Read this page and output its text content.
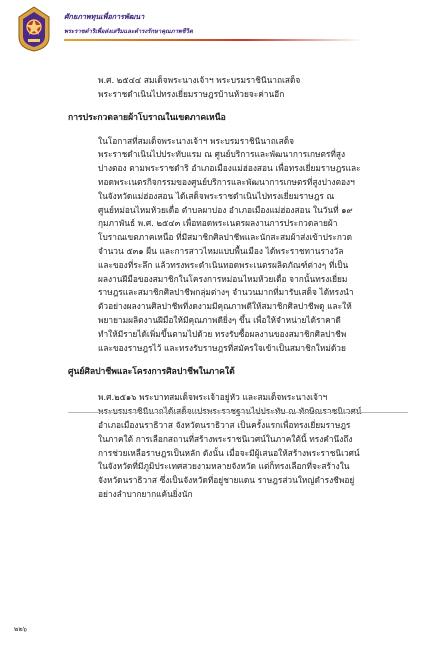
ศักยภาพทุนเพื่อการพัฒนา
พระราชดำริเพื่อส่งเสริมและดำรงรักษาคุณภาพชีวิต

พ.ศ. ๒๕๔๔ สมเด็จพระนางเจ้าฯ พระบรมราชินีนาถเสด็จ
พระราชดำเนินไปทรงเยี่ยมราษฎรบ้านห้วยจะค่านอีก

การประกวดลายผ้าโบราณในเขตภาคเหนือ

ในโอกาสที่สมเด็จพระนางเจ้าฯ พระบรมราชินีนาถเสด็จ
พระราชดำเนินไปประทับแรม ณ ศูนย์บริการและพัฒนาการเกษตรที่สูง
ปางตอง ตามพระราชดำริ อำเภอเมืองแม่ฮ่องสอน เพื่อทรงเยี่ยมราษฎรและ
ทอดพระเนตรกิจกรรมของศูนย์บริการและพัฒนาการเกษตรที่สูงปางตองฯ
ในจังหวัดแม่ฮ่องสอน ได้เสด็จพระราชดำเนินไปทรงเยี่ยมราษฎร ณ
ศูนย์หม่อนไหมห้วยเดื่อ ตำบลผาบ่อง อำเภอเมืองแม่ฮ่องสอน ในวันที่ ๑๙
กุมภาพันธ์ พ.ศ. ๒๕๔๓ เพื่อทอดพระเนตรผลงานการประกวดลายผ้า
โบราณเขตภาคเหนือ ที่มีสมาชิกศิลปาชีพและนักสะสมผ้าส่งเข้าประกวด
จำนวน ๕๓๑ ผืน และการสาวไหมแบบพื้นเมือง ได้พระราชทานรางวัล
และของที่ระลึก แล้วทรงพระดำเนินทอดพระเนตรผลิตภัณฑ์ต่างๆ ที่เป็น
ผลงานฝีมือของสมาชิกในโครงการหม่อนไหมห้วยเดื่อ จากนั้นทรงเยี่ยม
ราษฎรและสมาชิกศิลปาชีพกลุ่มต่างๆ จำนวนมากที่มารับเสด็จ ได้ทรงนำ
ตัวอย่างผลงานศิลปาชีพที่งดงามมีคุณภาพดีให้สมาชิกศิลปาชีพดู และให้
พยายามผลิตงานฝีมือให้มีคุณภาพดียิ่งๆ ขึ้น เพื่อให้จำหน่ายได้ราคาดี
ทำให้มีรายได้เพิ่มขึ้นตามไปด้วย ทรงรับซื้อผลงานของสมาชิกศิลปาชีพ
และของราษฎรไว้ และทรงรับราษฎรที่สมัครใจเข้าเป็นสมาชิกใหม่ด้วย

ศูนย์ศิลปาชีพและโครงการศิลปาชีพในภาคใต้

พ.ศ.๒๕๑๖ พระบาทสมเด็จพระเจ้าอยู่หัว และสมเด็จพระนางเจ้าฯ
อำเภอเมืองนราธิวาส จังหวัดนราธิวาส เป็นครั้งแรกเพื่อทรงเยี่ยมราษฎร
ในภาคใต้ การเลือกสถานที่สร้างพระราชนิเวศน์ในภาคใต้นี้ ทรงคำนึงถึง
การช่วยเหลือราษฎรเป็นหลัก ดังนั้น เมื่อจะมีผู้เสนอให้สร้างพระราชนิเวศน์
ในจังหวัดที่มีภูมิประเทศสวยงามหลายจังหวัด แต่ก็ทรงเลือกที่จะสร้างใน
จังหวัดนราธิวาส ซึ่งเป็นจังหวัดที่อยู่ชายแดน ราษฎรส่วนใหญ่ดำรงชีพอยู่
อย่างลำบากยากแค้นยิ่งนัก

๒๒๖
